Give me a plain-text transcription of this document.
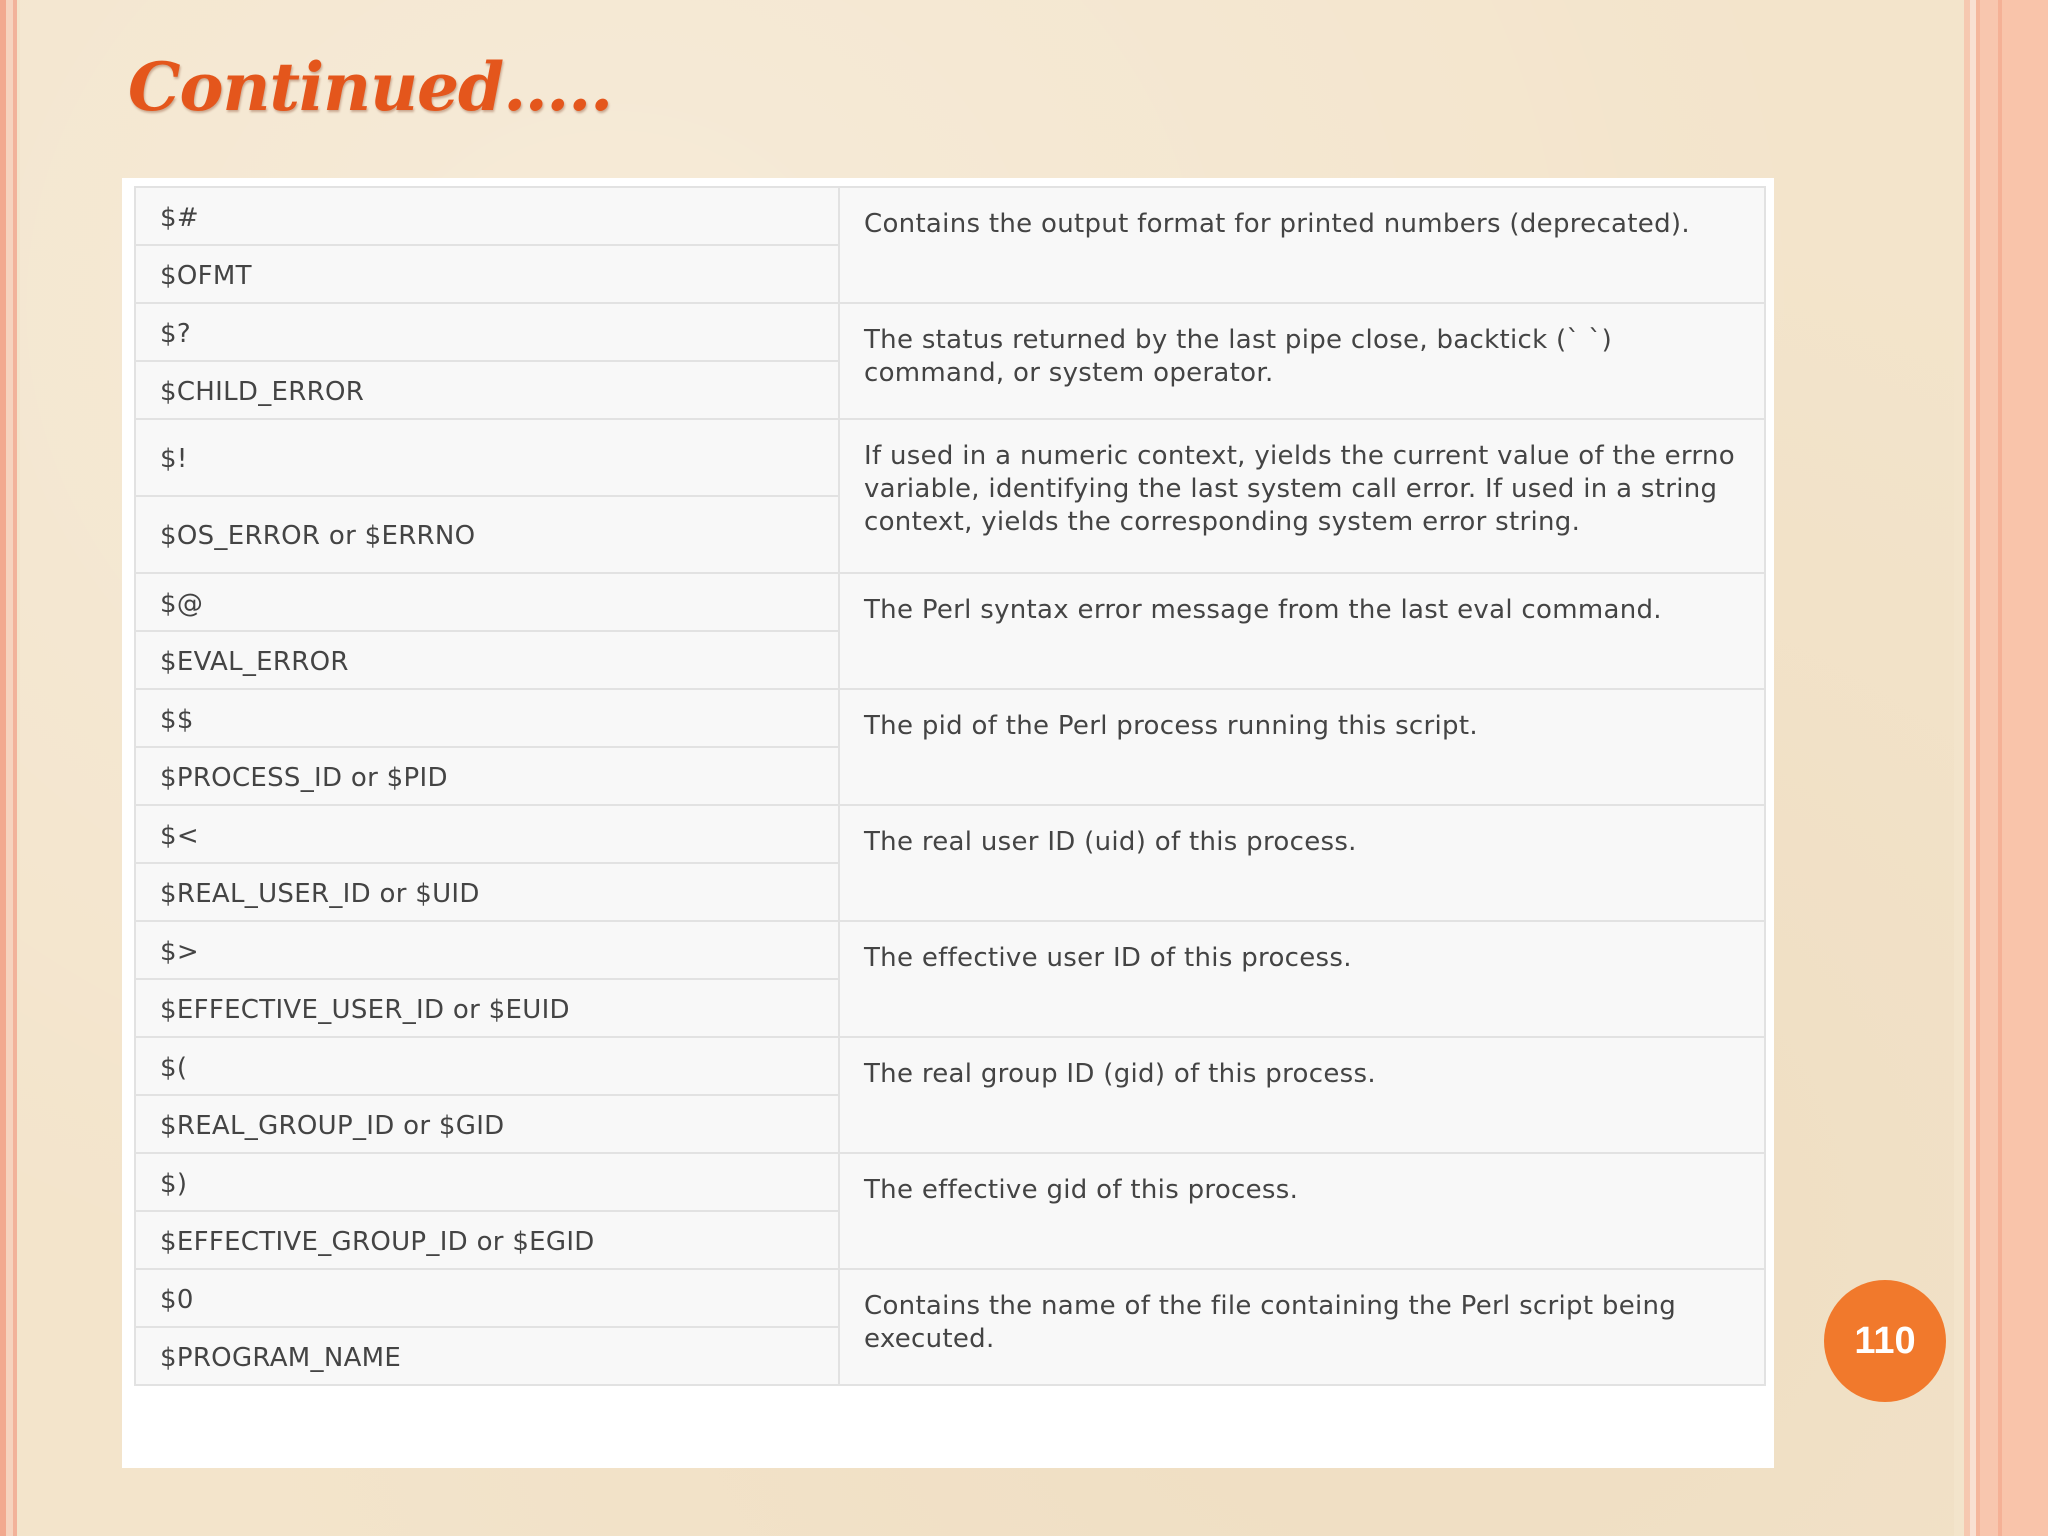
Continued…..
$#	Contains the output format for printed numbers (deprecated).
$OFMT	
$?	The status returned by the last pipe close, backtick (` `) command, or system operator.
$CHILD_ERROR	
$!	If used in a numeric context, yields the current value of the errno variable, identifying the last system call error. If used in a string context, yields the corresponding system error string.
$OS_ERROR or $ERRNO	
$@	The Perl syntax error message from the last eval command.
$EVAL_ERROR	
$$	The pid of the Perl process running this script.
$PROCESS_ID or $PID	
$<	The real user ID (uid) of this process.
$REAL_USER_ID or $UID	
$>	The effective user ID of this process.
$EFFECTIVE_USER_ID or $EUID	
$(	The real group ID (gid) of this process.
$REAL_GROUP_ID or $GID	
$)	The effective gid of this process.
$EFFECTIVE_GROUP_ID or $EGID	
$0	Contains the name of the file containing the Perl script being executed.
$PROGRAM_NAME		110
